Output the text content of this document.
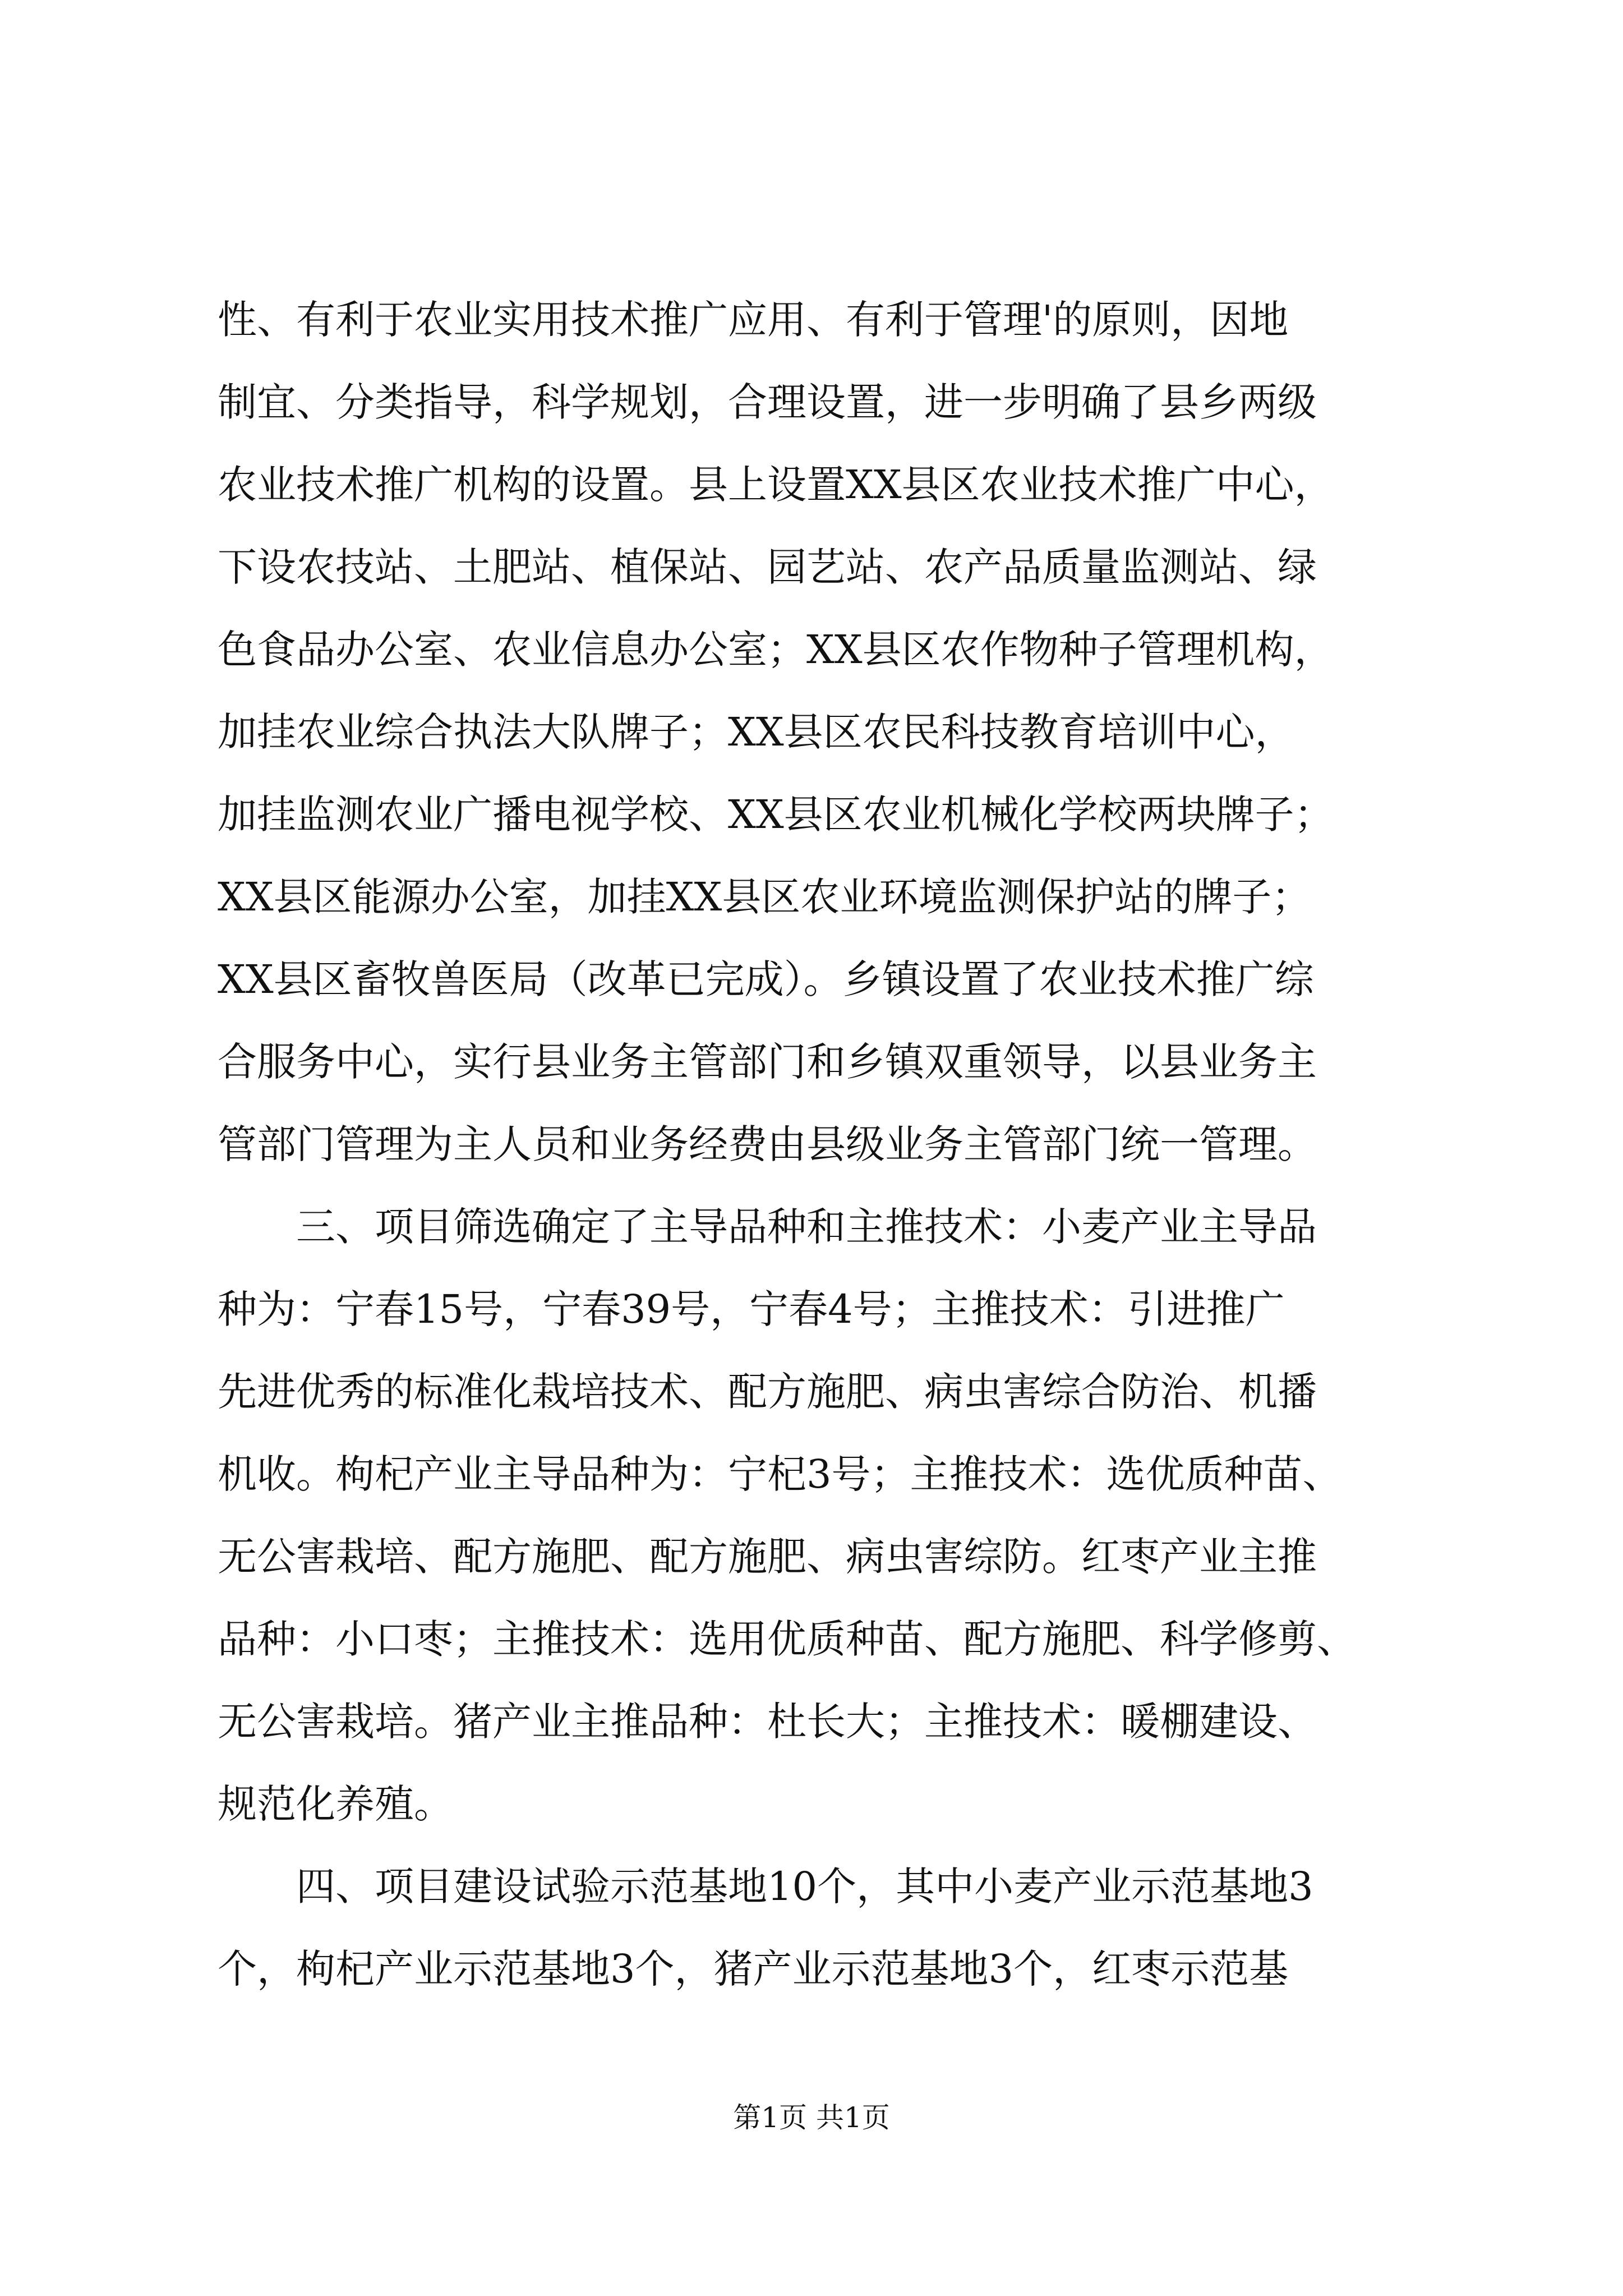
性、有利于农业实用技术推广应用、有利于管理'的原则，因地
制宜、分类指导，科学规划，合理设置，进一步明确了县乡两级
农业技术推广机构的设置。县上设置XX县区农业技术推广中心，
下设农技站、土肥站、植保站、园艺站、农产品质量监测站、绿
色食品办公室、农业信息办公室；XX县区农作物种子管理机构，
加挂农业综合执法大队牌子；XX县区农民科技教育培训中心，
加挂监测农业广播电视学校、XX县区农业机械化学校两块牌子；
XX县区能源办公室，加挂XX县区农业环境监测保护站的牌子；
XX县区畜牧兽医局（改革已完成）。乡镇设置了农业技术推广综
合服务中心，实行县业务主管部门和乡镇双重领导，以县业务主
管部门管理为主人员和业务经费由县级业务主管部门统一管理。
　　三、项目筛选确定了主导品种和主推技术：小麦产业主导品
种为：宁春15号，宁春39号，宁春4号；主推技术：引进推广
先进优秀的标准化栽培技术、配方施肥、病虫害综合防治、机播
机收。枸杞产业主导品种为：宁杞3号；主推技术：选优质种苗、
无公害栽培、配方施肥、配方施肥、病虫害综防。红枣产业主推
品种：小口枣；主推技术：选用优质种苗、配方施肥、科学修剪、
无公害栽培。猪产业主推品种：杜长大；主推技术：暖棚建设、
规范化养殖。
　　四、项目建设试验示范基地10个，其中小麦产业示范基地3
个，枸杞产业示范基地3个，猪产业示范基地3个，红枣示范基
第1页 共1页
